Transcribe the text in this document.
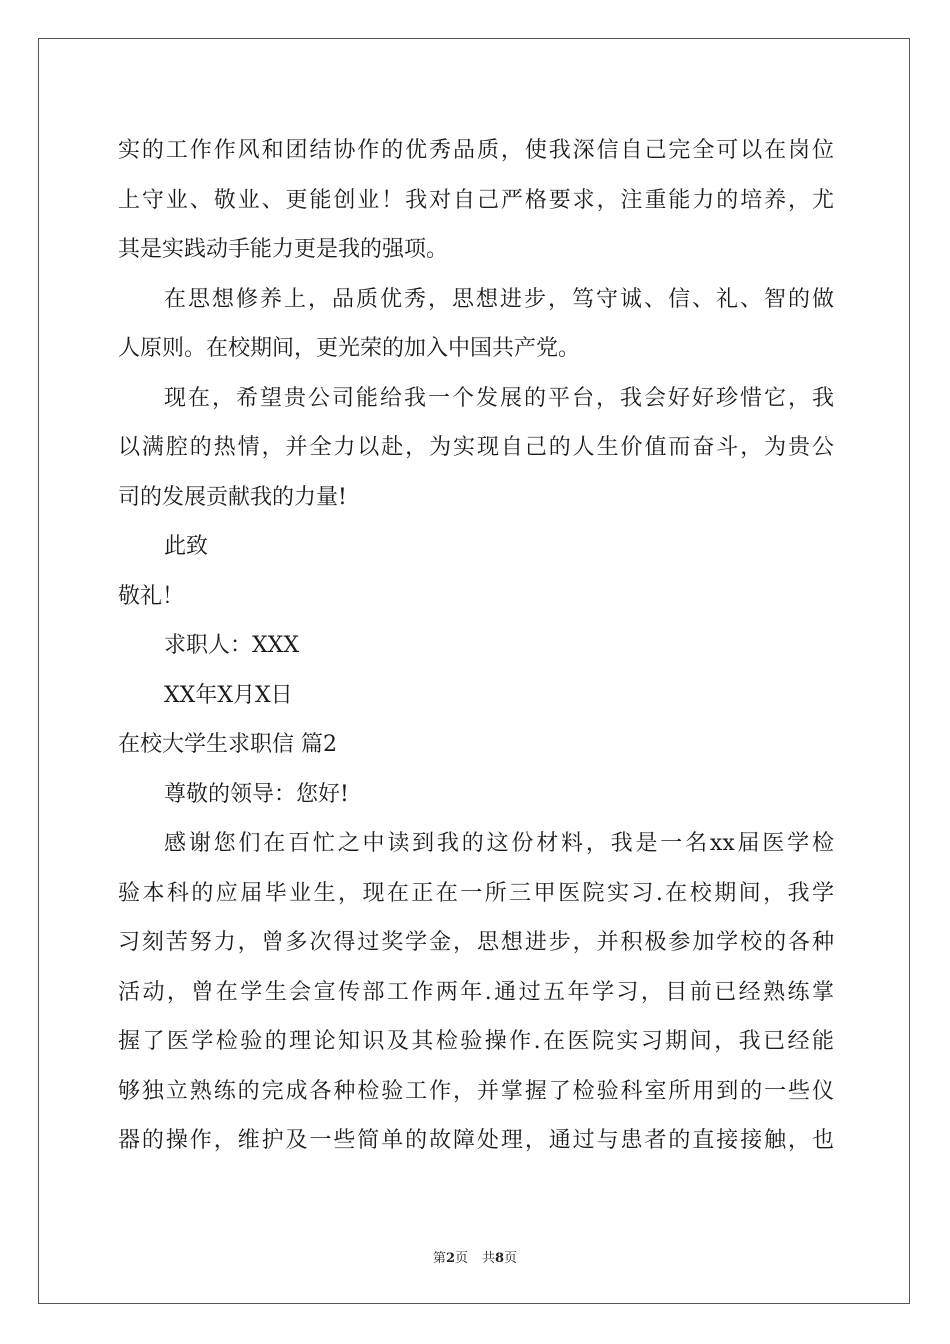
实的工作作风和团结协作的优秀品质，使我深信自己完全可以在岗位
上守业、敬业、更能创业！我对自己严格要求，注重能力的培养，尤
其是实践动手能力更是我的强项。
在思想修养上，品质优秀，思想进步，笃守诚、信、礼、智的做
人原则。在校期间，更光荣的加入中国共产党。
现在，希望贵公司能给我一个发展的平台，我会好好珍惜它，我
以满腔的热情，并全力以赴，为实现自己的人生价值而奋斗，为贵公
司的发展贡献我的力量!
此致
敬礼！
求职人：XXX
XX年X月X日
在校大学生求职信 篇2
尊敬的领导：您好!
感谢您们在百忙之中读到我的这份材料，我是一名xx届医学检
验本科的应届毕业生，现在正在一所三甲医院实习.在校期间，我学
习刻苦努力，曾多次得过奖学金，思想进步，并积极参加学校的各种
活动，曾在学生会宣传部工作两年.通过五年学习，目前已经熟练掌
握了医学检验的理论知识及其检验操作.在医院实习期间，我已经能
够独立熟练的完成各种检验工作，并掌握了检验科室所用到的一些仪
器的操作，维护及一些简单的故障处理，通过与患者的直接接触，也
第2页 共8页
